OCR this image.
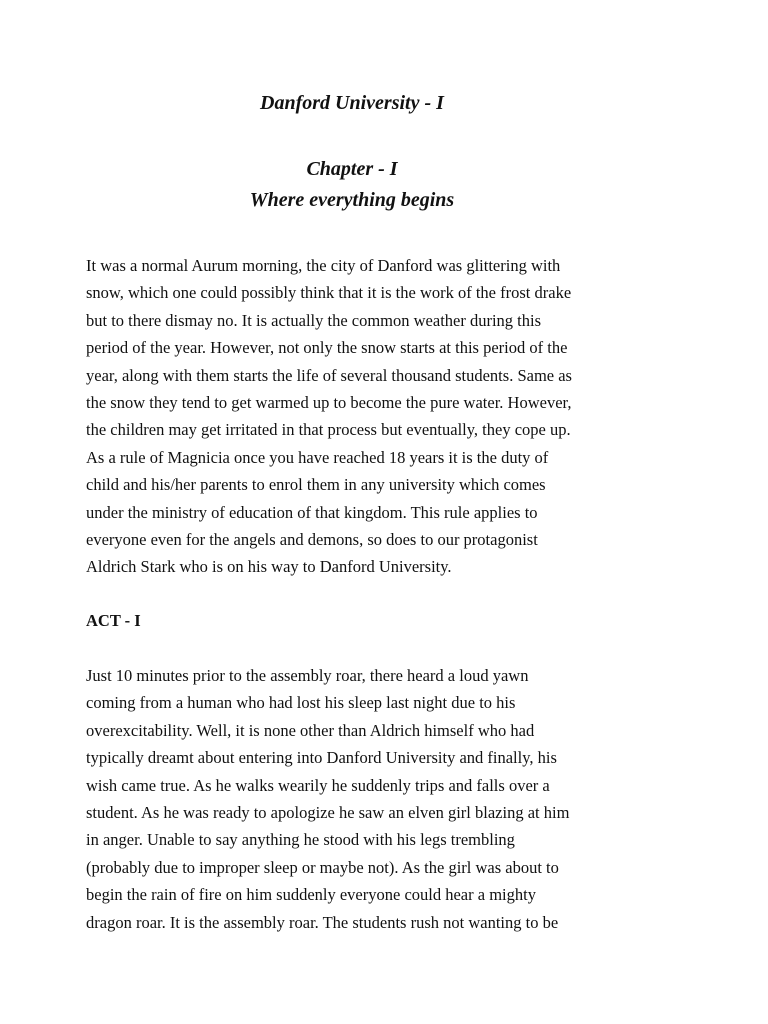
Danford University - I
Chapter - I
Where everything begins

It was a normal Aurum morning, the city of Danford was glittering with
snow, which one could possibly think that it is the work of the frost drake
but to there dismay no. It is actually the common weather during this
period of the year. However, not only the snow starts at this period of the
year, along with them starts the life of several thousand students. Same as
the snow they tend to get warmed up to become the pure water. However,
the children may get irritated in that process but eventually, they cope up.
As a rule of Magnicia once you have reached 18 years it is the duty of
child and his/her parents to enrol them in any university which comes
under the ministry of education of that kingdom. This rule applies to
everyone even for the angels and demons, so does to our protagonist
Aldrich Stark who is on his way to Danford University.

ACT - I

Just 10 minutes prior to the assembly roar, there heard a loud yawn
coming from a human who had lost his sleep last night due to his
overexcitability. Well, it is none other than Aldrich himself who had
typically dreamt about entering into Danford University and finally, his
wish came true. As he walks wearily he suddenly trips and falls over a
student. As he was ready to apologize he saw an elven girl blazing at him
in anger. Unable to say anything he stood with his legs trembling
(probably due to improper sleep or maybe not). As the girl was about to
begin the rain of fire on him suddenly everyone could hear a mighty
dragon roar. It is the assembly roar. The students rush not wanting to be
